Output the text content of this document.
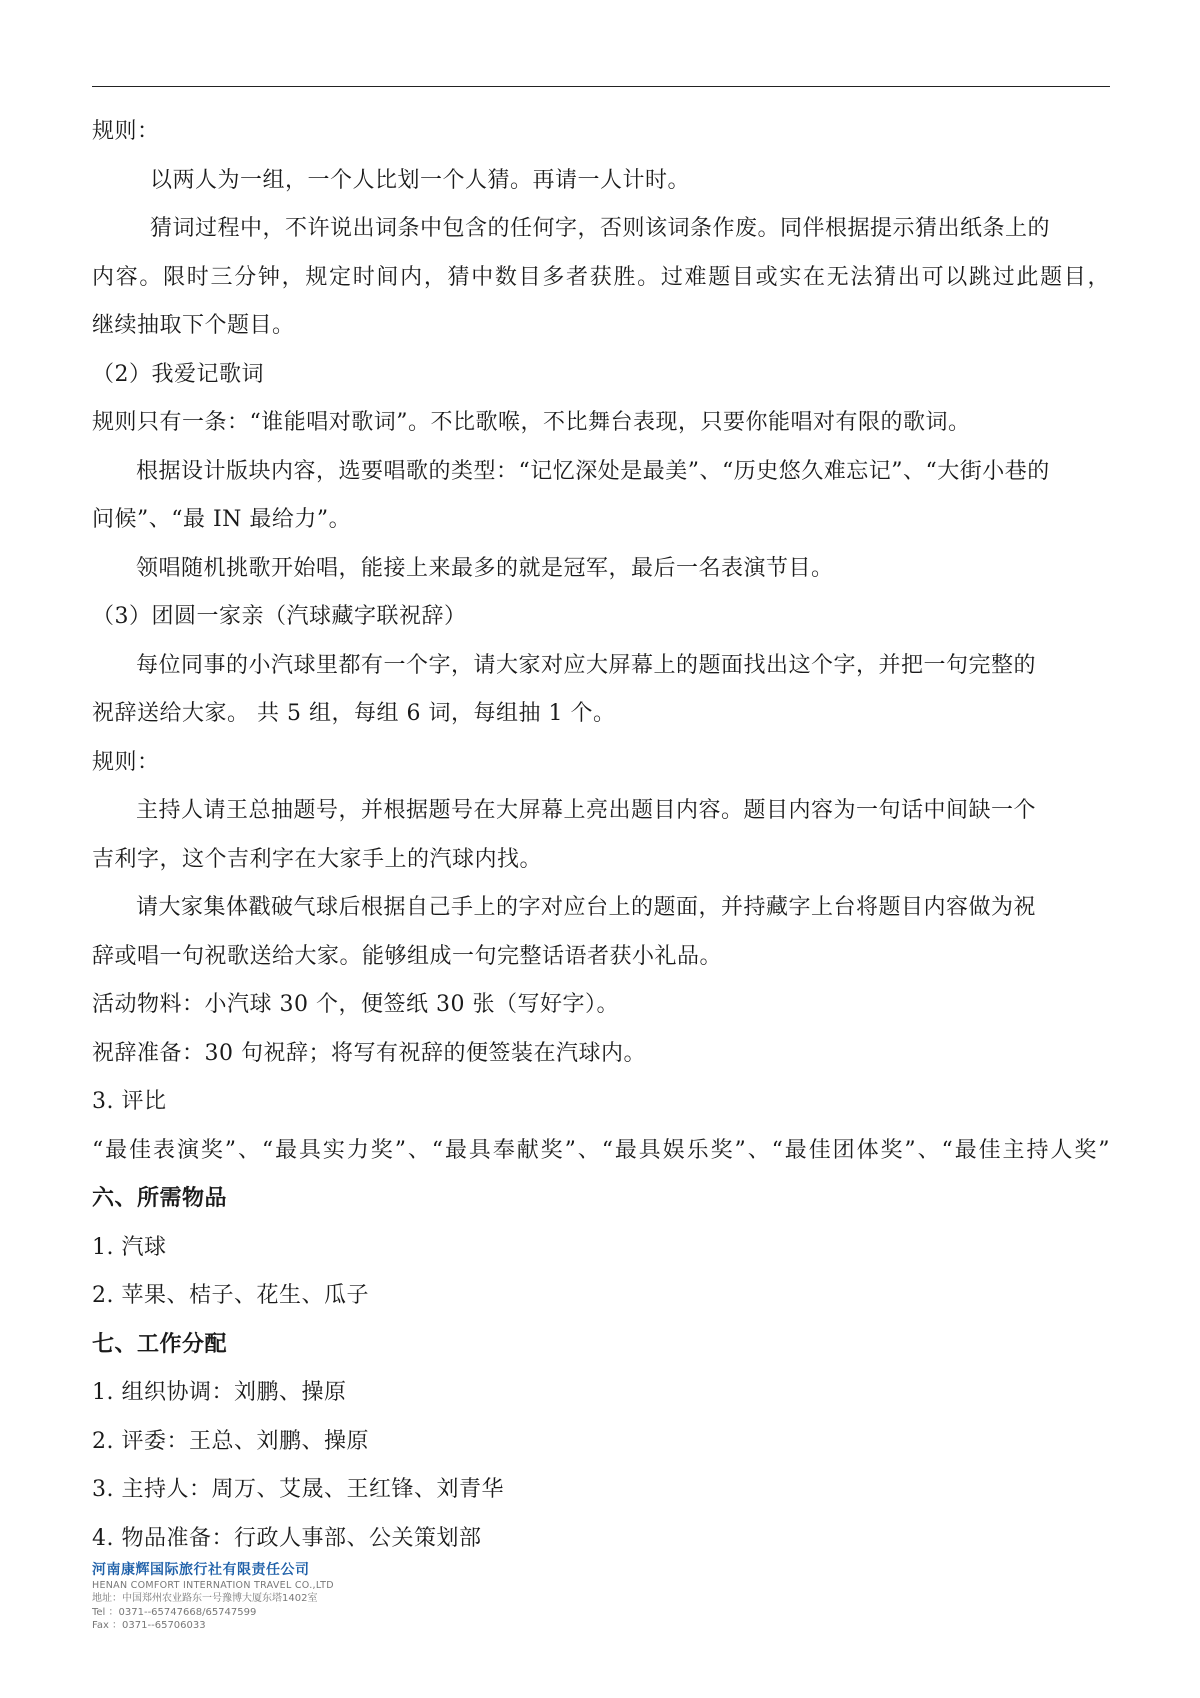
规则：
以两人为一组，一个人比划一个人猜。再请一人计时。
猜词过程中，不许说出词条中包含的任何字，否则该词条作废。同伴根据提示猜出纸条上的
内容。限时三分钟，规定时间内，猜中数目多者获胜。过难题目或实在无法猜出可以跳过此题目，
继续抽取下个题目。
（2）我爱记歌词
规则只有一条：“谁能唱对歌词”。不比歌喉，不比舞台表现，只要你能唱对有限的歌词。
根据设计版块内容，选要唱歌的类型：“记忆深处是最美”、“历史悠久难忘记”、“大街小巷的
问候”、“最 IN 最给力”。
领唱随机挑歌开始唱，能接上来最多的就是冠军，最后一名表演节目。
（3）团圆一家亲（汽球藏字联祝辞）
每位同事的小汽球里都有一个字，请大家对应大屏幕上的题面找出这个字，并把一句完整的
祝辞送给大家。 共 5 组，每组 6 词，每组抽 1 个。
规则：
主持人请王总抽题号，并根据题号在大屏幕上亮出题目内容。题目内容为一句话中间缺一个
吉利字，这个吉利字在大家手上的汽球内找。
请大家集体戳破气球后根据自己手上的字对应台上的题面，并持藏字上台将题目内容做为祝
辞或唱一句祝歌送给大家。能够组成一句完整话语者获小礼品。
活动物料：小汽球 30 个，便签纸 30 张（写好字）。
祝辞准备：30 句祝辞；将写有祝辞的便签装在汽球内。
3. 评比
“最佳表演奖”、“最具实力奖”、“最具奉献奖”、“最具娱乐奖”、“最佳团体奖”、“最佳主持人奖”
六、所需物品
1. 汽球
2. 苹果、桔子、花生、瓜子
七、工作分配
1. 组织协调：刘鹏、操原
2. 评委：王总、刘鹏、操原
3. 主持人：周万、艾晟、王红锋、刘青华
4. 物品准备：行政人事部、公关策划部
河南康辉国际旅行社有限责任公司
HENAN COMFORT INTERNATION TRAVEL CO.,LTD
地址：中国郑州农业路东一号豫博大厦东塔1402室
Tel ：0371--65747668/65747599
Fax ：0371--65706033
